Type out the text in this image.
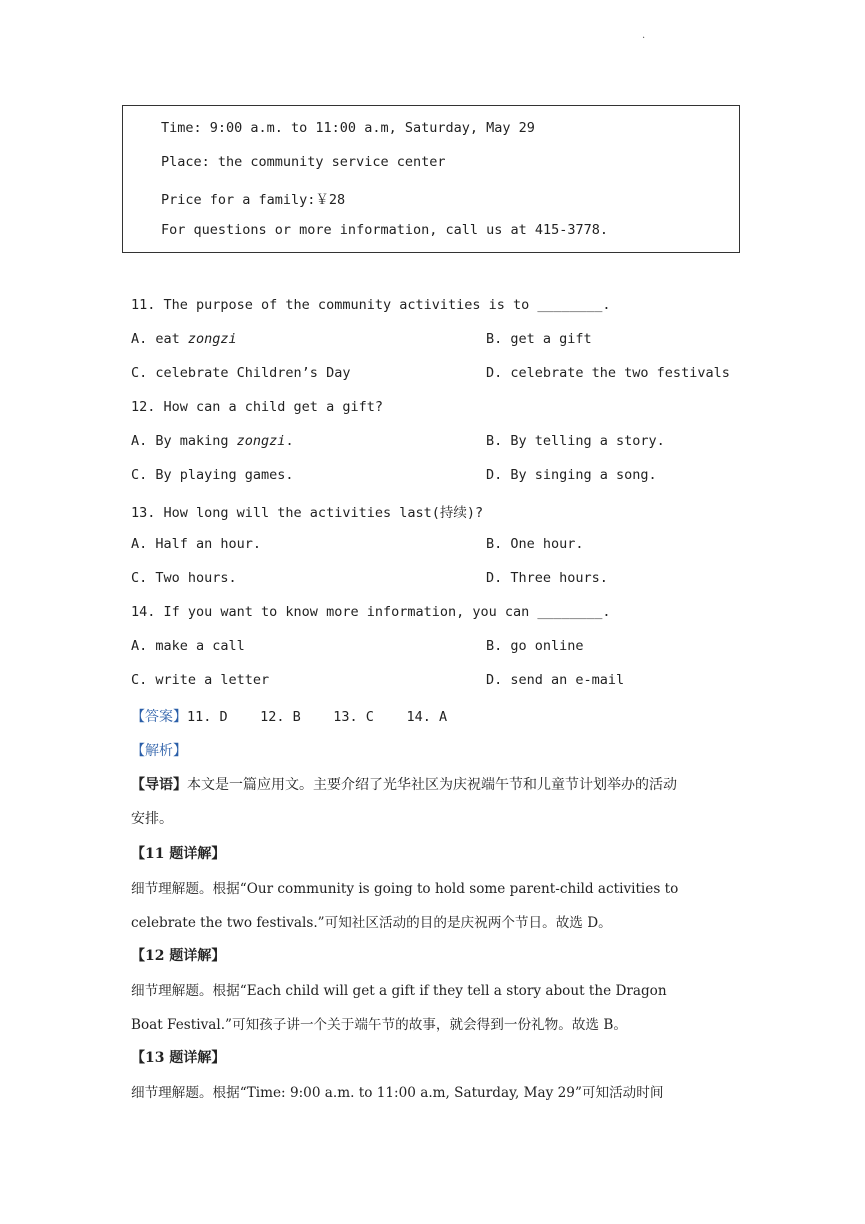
.
Time: 9:00 a.m. to 11:00 a.m, Saturday, May 29
Place: the community service center
Price for a family:￥28
For questions or more information, call us at 415-3778.
11. The purpose of the community activities is to ________.
A. eat zongzi	B. get a gift
C. celebrate Children’s Day	D. celebrate the two festivals
12. How can a child get a gift?
A. By making zongzi.	B. By telling a story.
C. By playing games.	D. By singing a song.
13. How long will the activities last(持续)?
A. Half an hour.	B. One hour.
C. Two hours.	D. Three hours.
14. If you want to know more information, you can ________.
A. make a call	B. go online
C. write a letter	D. send an e-mail
【答案】11. D    12. B    13. C    14. A
【解析】
【导语】本文是一篇应用文。主要介绍了光华社区为庆祝端午节和儿童节计划举办的活动
安排。
【11 题详解】
细节理解题。根据“Our community is going to hold some parent-child activities to
celebrate the two festivals.”可知社区活动的目的是庆祝两个节日。故选 D。
【12 题详解】
细节理解题。根据“Each child will get a gift if they tell a story about the Dragon
Boat Festival.”可知孩子讲一个关于端午节的故事，就会得到一份礼物。故选 B。
【13 题详解】
细节理解题。根据“Time: 9:00 a.m. to 11:00 a.m, Saturday, May 29”可知活动时间
